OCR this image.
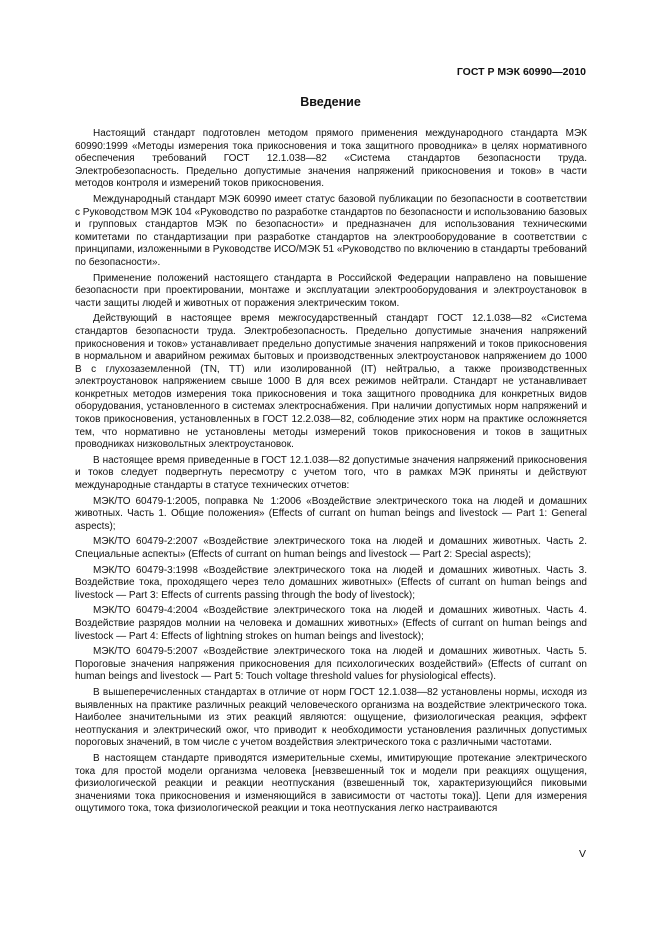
ГОСТ Р МЭК 60990—2010
Введение

Настоящий стандарт подготовлен методом прямого применения международного стандарта МЭК 60990:1999 «Методы измерения тока прикосновения и тока защитного проводника» в целях нормативного обеспечения требований ГОСТ 12.1.038—82 «Система стандартов безопасности труда. Электробезопасность. Предельно допустимые значения напряжений прикосновения и токов» в части методов контроля и измерений токов прикосновения.

Международный стандарт МЭК 60990 имеет статус базовой публикации по безопасности в соответствии с Руководством МЭК 104 «Руководство по разработке стандартов по безопасности и использованию базовых и групповых стандартов МЭК по безопасности» и предназначен для использования техническими комитетами по стандартизации при разработке стандартов на электрооборудование в соответствии с принципами, изложенными в Руководстве ИСО/МЭК 51 «Руководство по включению в стандарты требований по безопасности».

Применение положений настоящего стандарта в Российской Федерации направлено на повышение безопасности при проектировании, монтаже и эксплуатации электрооборудования и электроустановок в части защиты людей и животных от поражения электрическим током.

Действующий в настоящее время межгосударственный стандарт ГОСТ 12.1.038—82 «Система стандартов безопасности труда. Электробезопасность. Предельно допустимые значения напряжений прикосновения и токов» устанавливает предельно допустимые значения напряжений и токов прикосновения в нормальном и аварийном режимах бытовых и производственных электроустановок напряжением до 1000 В с глухозаземленной (TN, TT) или изолированной (IT) нейтралью, а также производственных электроустановок напряжением свыше 1000 В для всех режимов нейтрали. Стандарт не устанавливает конкретных методов измерения тока прикосновения и тока защитного проводника для конкретных видов оборудования, установленного в системах электроснабжения. При наличии допустимых норм напряжений и токов прикосновения, установленных в ГОСТ 12.2.038—82, соблюдение этих норм на практике осложняется тем, что нормативно не установлены методы измерений токов прикосновения и токов в защитных проводниках низковольтных электроустановок.

В настоящее время приведенные в ГОСТ 12.1.038—82 допустимые значения напряжений прикосновения и токов следует подвергнуть пересмотру с учетом того, что в рамках МЭК приняты и действуют международные стандарты в статусе технических отчетов:

МЭК/ТО 60479-1:2005, поправка № 1:2006 «Воздействие электрического тока на людей и домашних животных. Часть 1. Общие положения» (Effects of currant on human beings and livestock — Part 1: General aspects);

МЭК/ТО 60479-2:2007 «Воздействие электрического тока на людей и домашних животных. Часть 2. Специальные аспекты» (Effects of currant on human beings and livestock — Part 2: Special aspects);

МЭК/ТО 60479-3:1998 «Воздействие электрического тока на людей и домашних животных. Часть 3. Воздействие тока, проходящего через тело домашних животных» (Effects of currant on human beings and livestock — Part 3: Effects of currents passing through the body of livestock);

МЭК/ТО 60479-4:2004 «Воздействие электрического тока на людей и домашних животных. Часть 4. Воздействие разрядов молнии на человека и домашних животных» (Effects of currant on human beings and livestock — Part 4: Effects of lightning strokes on human beings and livestock);

МЭК/ТО 60479-5:2007 «Воздействие электрического тока на людей и домашних животных. Часть 5. Пороговые значения напряжения прикосновения для психологических воздействий» (Effects of currant on human beings and livestock — Part 5: Touch voltage threshold values for physiological effects).

В вышеперечисленных стандартах в отличие от норм ГОСТ 12.1.038—82 установлены нормы, исходя из выявленных на практике различных реакций человеческого организма на воздействие электрического тока. Наиболее значительными из этих реакций являются: ощущение, физиологическая реакция, эффект неотпускания и электрический ожог, что приводит к необходимости установления различных допустимых пороговых значений, в том числе с учетом воздействия электрического тока с различными частотами.

В настоящем стандарте приводятся измерительные схемы, имитирующие протекание электрического тока для простой модели организма человека [невзвешенный ток и модели при реакциях ощущения, физиологической реакции и реакции неотпускания (взвешенный ток, характеризующийся пиковыми значениями тока прикосновения и изменяющийся в зависимости от частоты тока)]. Цепи для измерения ощутимого тока, тока физиологической реакции и тока неотпускания легко настраиваются

V
